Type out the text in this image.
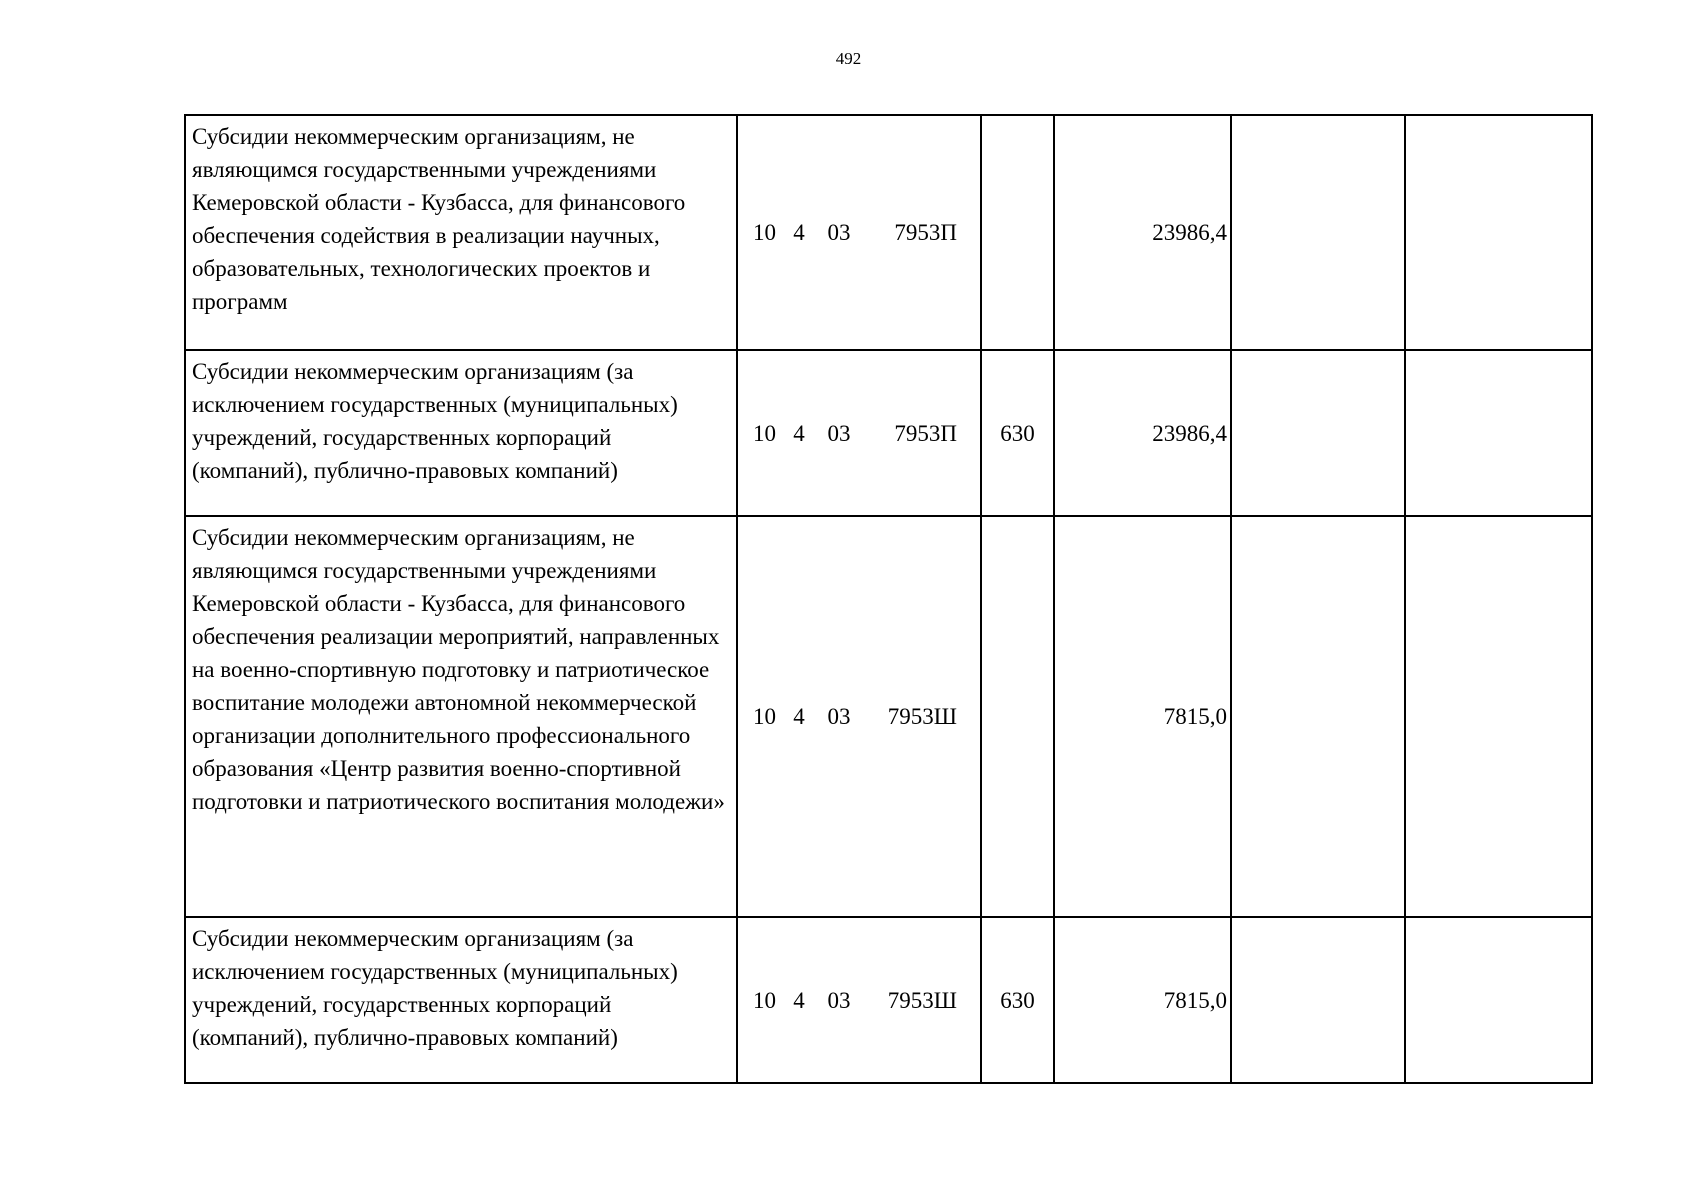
492
Субсидии некоммерческим организациям, не являющимся государственными учреждениями Кемеровской области - Кузбасса, для финансового обеспечения содействия в реализации научных, образовательных, технологических проектов и программ	10 4 03 7953П		23986,4		
Субсидии некоммерческим организациям (за исключением государственных (муниципальных) учреждений, государственных корпораций (компаний), публично-правовых компаний)	10 4 03 7953П	630	23986,4		
Субсидии некоммерческим организациям, не являющимся государственными учреждениями Кемеровской области - Кузбасса, для финансового обеспечения реализации мероприятий, направленных на военно-спортивную подготовку и патриотическое воспитание молодежи автономной некоммерческой организации дополнительного профессионального образования «Центр развития военно-спортивной подготовки и патриотического воспитания молодежи»	10 4 03 7953Ш		7815,0		
Субсидии некоммерческим организациям (за исключением государственных (муниципальных) учреждений, государственных корпораций (компаний), публично-правовых компаний)	10 4 03 7953Ш	630	7815,0		
